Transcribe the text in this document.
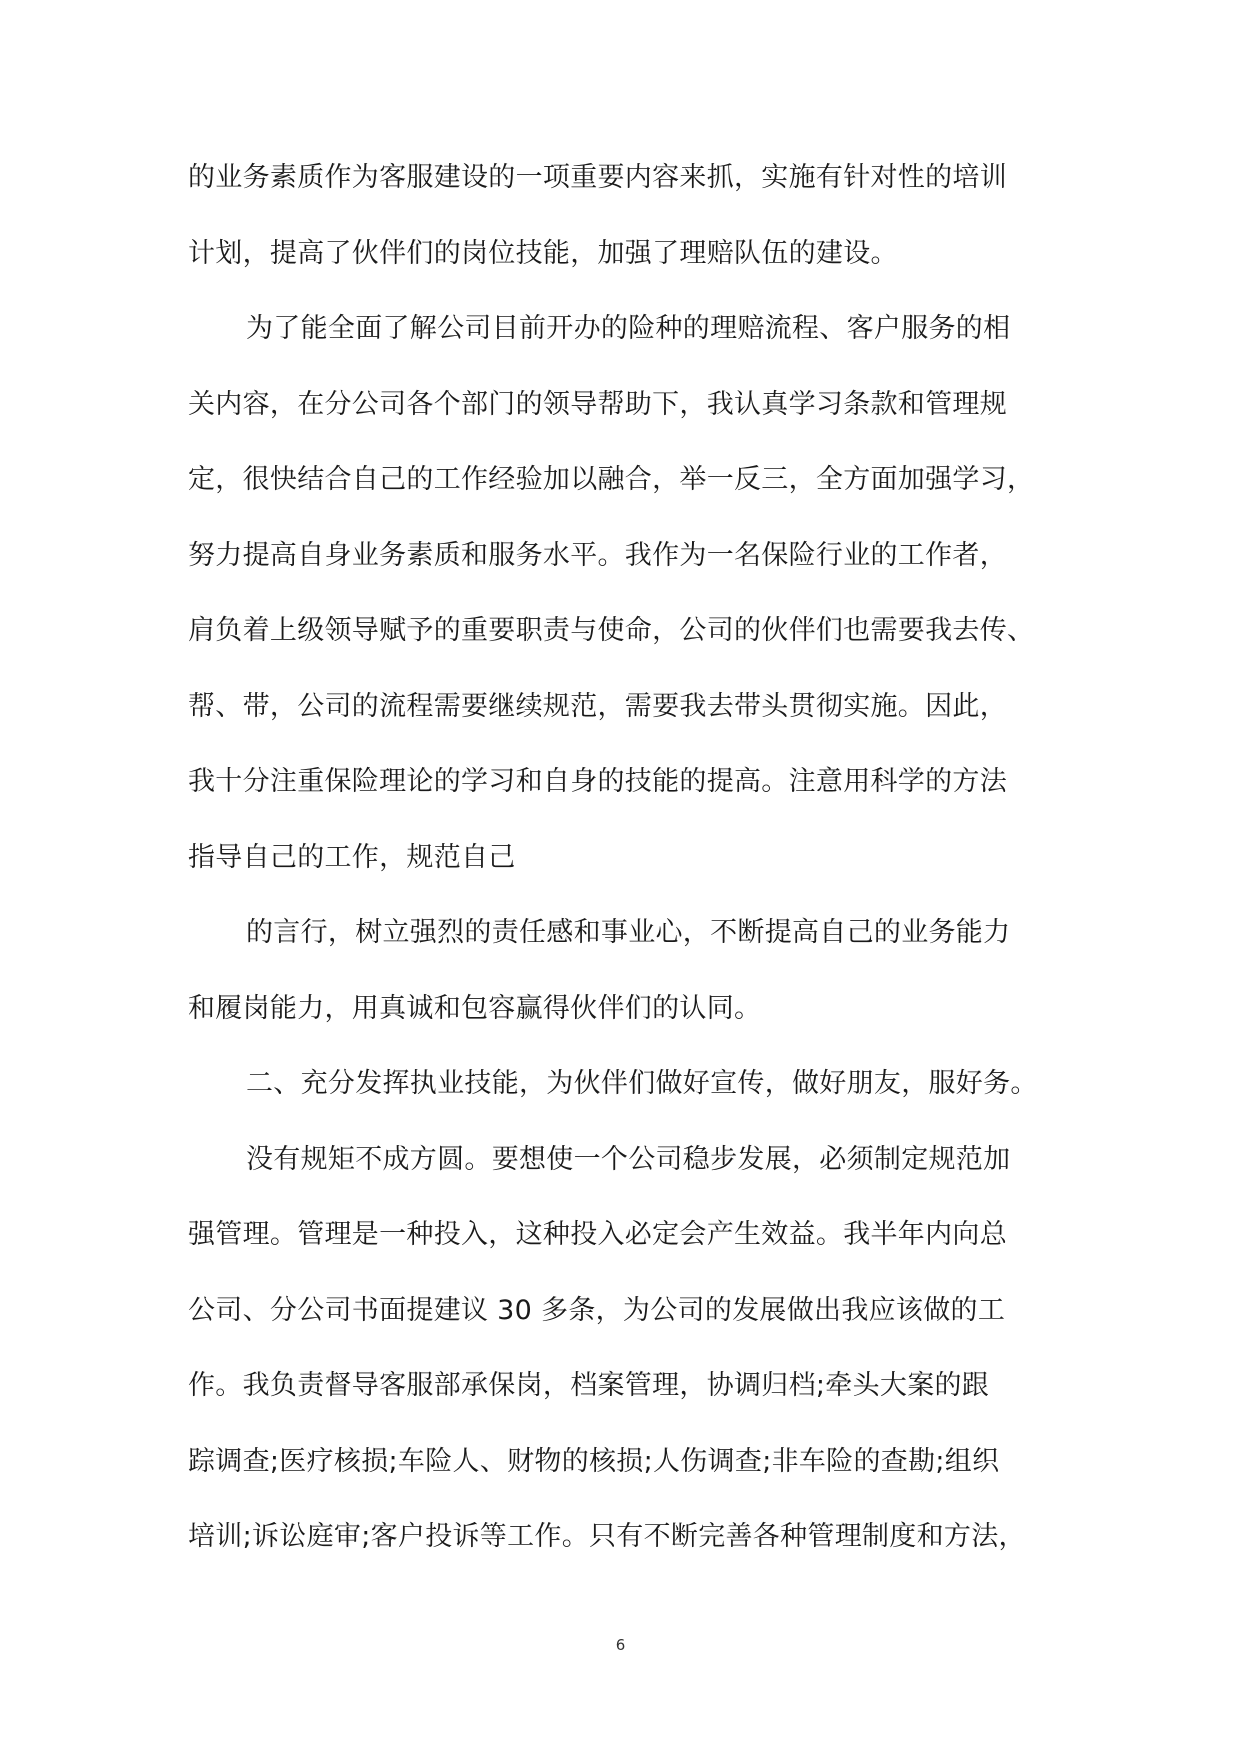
的业务素质作为客服建设的一项重要内容来抓，实施有针对性的培训
计划，提高了伙伴们的岗位技能，加强了理赔队伍的建设。
为了能全面了解公司目前开办的险种的理赔流程、客户服务的相
关内容，在分公司各个部门的领导帮助下，我认真学习条款和管理规
定，很快结合自己的工作经验加以融合，举一反三，全方面加强学习，
努力提高自身业务素质和服务水平。我作为一名保险行业的工作者，
肩负着上级领导赋予的重要职责与使命，公司的伙伴们也需要我去传、
帮、带，公司的流程需要继续规范，需要我去带头贯彻实施。因此，
我十分注重保险理论的学习和自身的技能的提高。注意用科学的方法
指导自己的工作，规范自己
的言行，树立强烈的责任感和事业心，不断提高自己的业务能力
和履岗能力，用真诚和包容赢得伙伴们的认同。
二、充分发挥执业技能，为伙伴们做好宣传，做好朋友，服好务。
没有规矩不成方圆。要想使一个公司稳步发展，必须制定规范加
强管理。管理是一种投入，这种投入必定会产生效益。我半年内向总
公司、分公司书面提建议 30 多条，为公司的发展做出我应该做的工
作。我负责督导客服部承保岗，档案管理，协调归档;牵头大案的跟
踪调查;医疗核损;车险人、财物的核损;人伤调查;非车险的查勘;组织
培训;诉讼庭审;客户投诉等工作。只有不断完善各种管理制度和方法，
6
